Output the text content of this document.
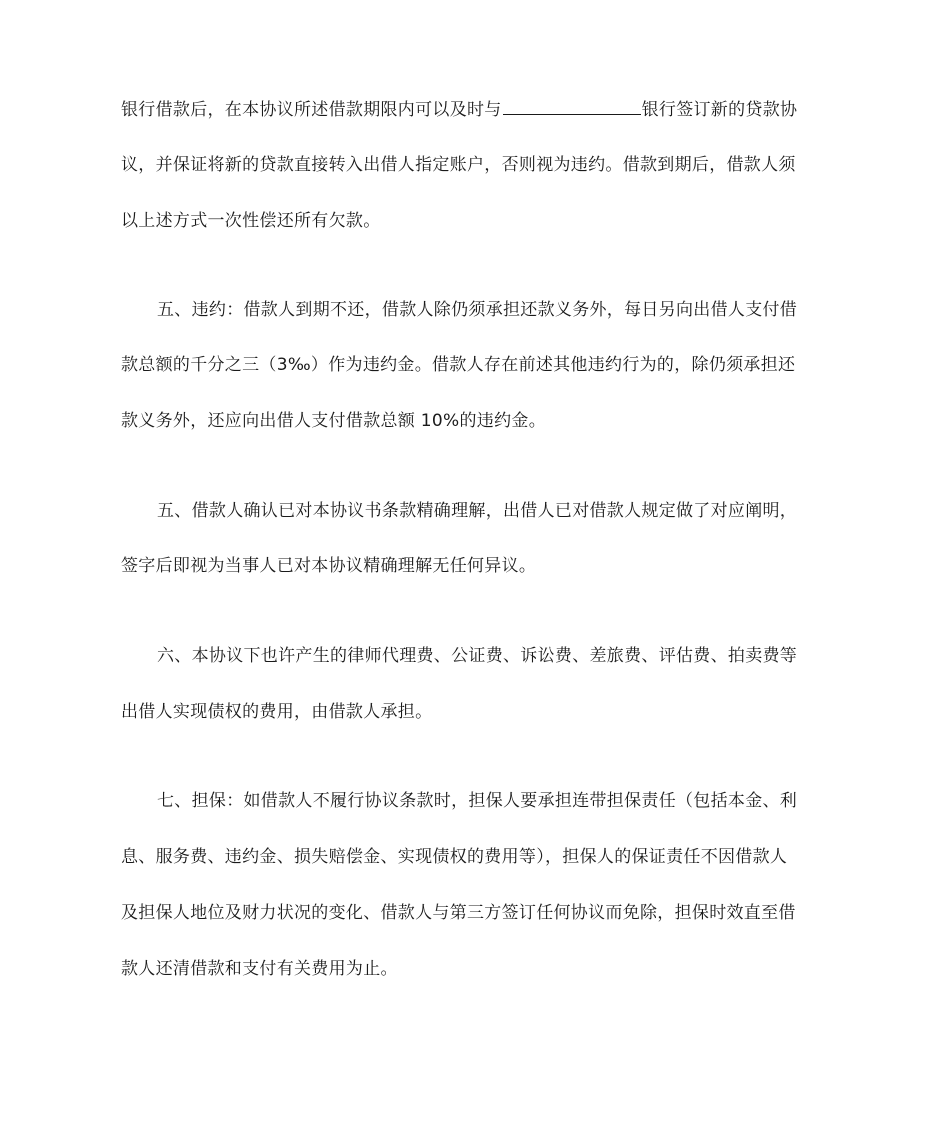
银行借款后，在本协议所述借款期限内可以及时与	银行签订新的贷款协
议，并保证将新的贷款直接转入出借人指定账户，否则视为违约。借款到期后，借款人须
以上述方式一次性偿还所有欠款。
五、违约：借款人到期不还，借款人除仍须承担还款义务外，每日另向出借人支付借
款总额的千分之三（3‰）作为违约金。借款人存在前述其他违约行为的，除仍须承担还
款义务外，还应向出借人支付借款总额 10%的违约金。
五、借款人确认已对本协议书条款精确理解，出借人已对借款人规定做了对应阐明，
签字后即视为当事人已对本协议精确理解无任何异议。
六、本协议下也许产生的律师代理费、公证费、诉讼费、差旅费、评估费、拍卖费等
出借人实现债权的费用，由借款人承担。
七、担保：如借款人不履行协议条款时，担保人要承担连带担保责任（包括本金、利
息、服务费、违约金、损失赔偿金、实现债权的费用等），担保人的保证责任不因借款人
及担保人地位及财力状况的变化、借款人与第三方签订任何协议而免除，担保时效直至借
款人还清借款和支付有关费用为止。
